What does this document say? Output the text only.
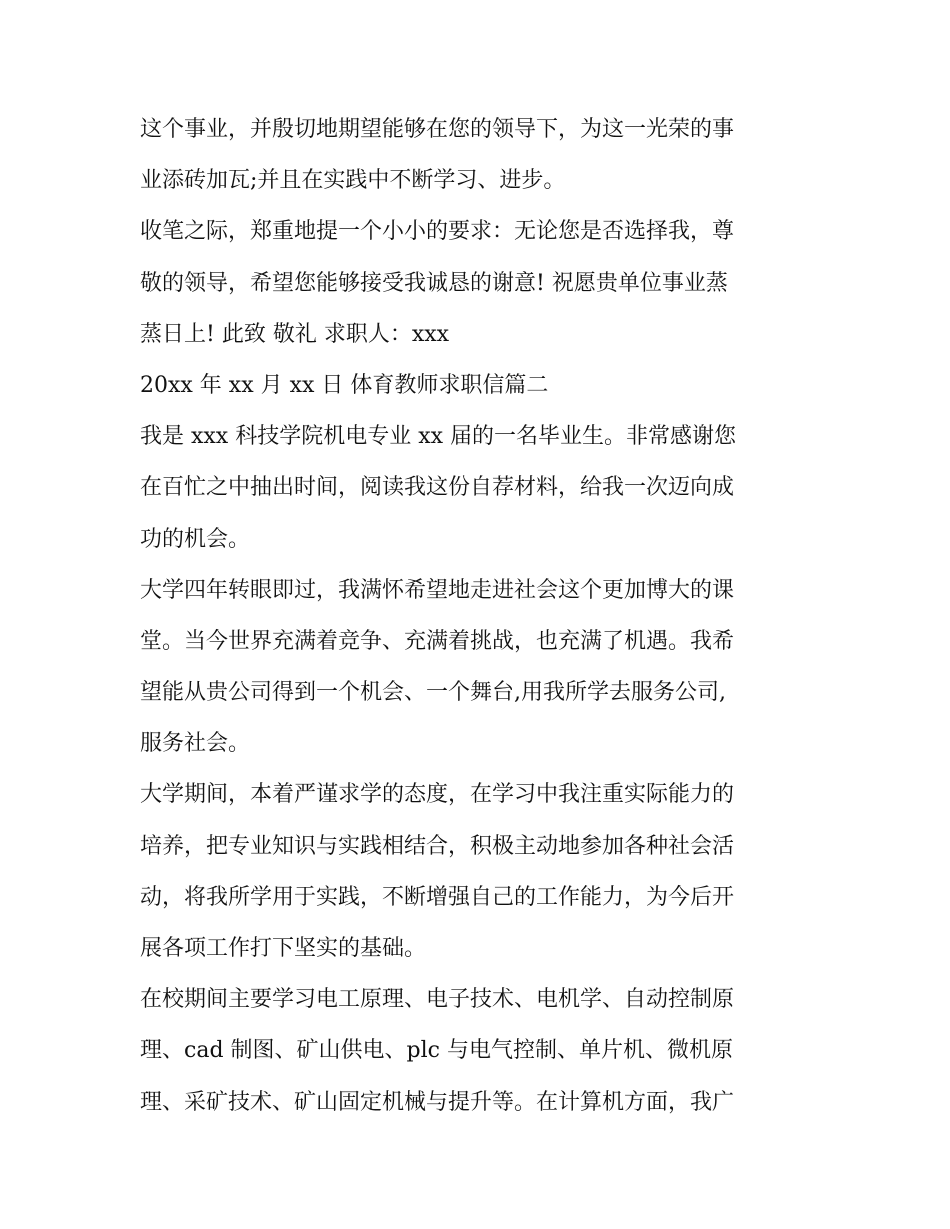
这个事业，并殷切地期望能够在您的领导下，为这一光荣的事
业添砖加瓦;并且在实践中不断学习、进步。
收笔之际，郑重地提一个小小的要求：无论您是否选择我，尊
敬的领导，希望您能够接受我诚恳的谢意! 祝愿贵单位事业蒸
蒸日上! 此致 敬礼 求职人：xxx
20xx 年 xx 月 xx 日 体育教师求职信篇二
我是 xxx 科技学院机电专业 xx 届的一名毕业生。非常感谢您
在百忙之中抽出时间，阅读我这份自荐材料，给我一次迈向成
功的机会。
大学四年转眼即过，我满怀希望地走进社会这个更加博大的课
堂。当今世界充满着竞争、充满着挑战，也充满了机遇。我希
望能从贵公司得到一个机会、一个舞台,用我所学去服务公司,
服务社会。
大学期间，本着严谨求学的态度，在学习中我注重实际能力的
培养，把专业知识与实践相结合，积极主动地参加各种社会活
动，将我所学用于实践，不断增强自己的工作能力，为今后开
展各项工作打下坚实的基础。
在校期间主要学习电工原理、电子技术、电机学、自动控制原
理、cad 制图、矿山供电、plc 与电气控制、单片机、微机原
理、采矿技术、矿山固定机械与提升等。在计算机方面，我广
